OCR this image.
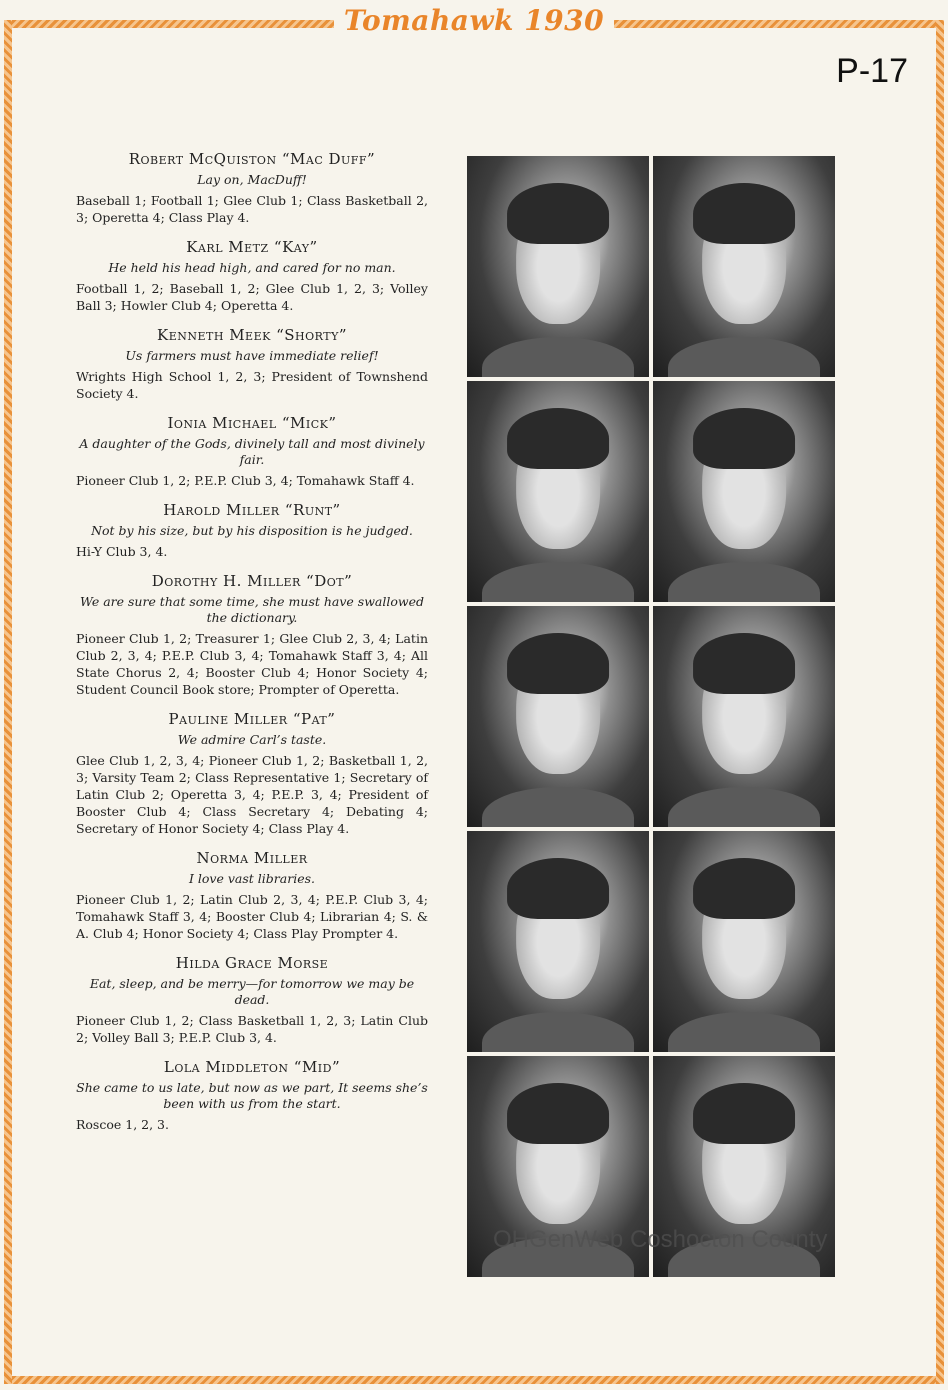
Tomahawk 1930
P-17
Robert McQuiston “Mac Duff”
Lay on, MacDuff!
Baseball 1; Football 1; Glee Club 1; Class Basketball 2, 3; Operetta 4; Class Play 4.
Karl Metz “Kay”
He held his head high, and cared for no man.
Football 1, 2; Baseball 1, 2; Glee Club 1, 2, 3; Volley Ball 3; Howler Club 4; Operetta 4.
Kenneth Meek “Shorty”
Us farmers must have immediate relief!
Wrights High School 1, 2, 3; President of Townshend Society 4.
Ionia Michael “Mick”
A daughter of the Gods, divinely tall and most divinely fair.
Pioneer Club 1, 2; P.E.P. Club 3, 4; Tomahawk Staff 4.
Harold Miller “Runt”
Not by his size, but by his disposition is he judged.
Hi-Y Club 3, 4.
Dorothy H. Miller “Dot”
We are sure that some time, she must have swallowed the dictionary.
Pioneer Club 1, 2; Treasurer 1; Glee Club 2, 3, 4; Latin Club 2, 3, 4; P.E.P. Club 3, 4; Tomahawk Staff 3, 4; All State Chorus 2, 4; Booster Club 4; Honor Society 4; Student Council Book store; Prompter of Operetta.
Pauline Miller “Pat”
We admire Carl’s taste.
Glee Club 1, 2, 3, 4; Pioneer Club 1, 2; Basketball 1, 2, 3; Varsity Team 2; Class Representative 1; Secretary of Latin Club 2; Operetta 3, 4; P.E.P. 3, 4; President of Booster Club 4; Class Secretary 4; Debating 4; Secretary of Honor Society 4; Class Play 4.
Norma Miller
I love vast libraries.
Pioneer Club 1, 2; Latin Club 2, 3, 4; P.E.P. Club 3, 4; Tomahawk Staff 3, 4; Booster Club 4; Librarian 4; S. & A. Club 4; Honor Society 4; Class Play Prompter 4.
Hilda Grace Morse
Eat, sleep, and be merry—for tomorrow we may be dead.
Pioneer Club 1, 2; Class Basketball 1, 2, 3; Latin Club 2; Volley Ball 3; P.E.P. Club 3, 4.
Lola Middleton “Mid”
She came to us late, but now as we part, It seems she’s been with us from the start.
Roscoe 1, 2, 3.
OHGenWeb Coshocton County
